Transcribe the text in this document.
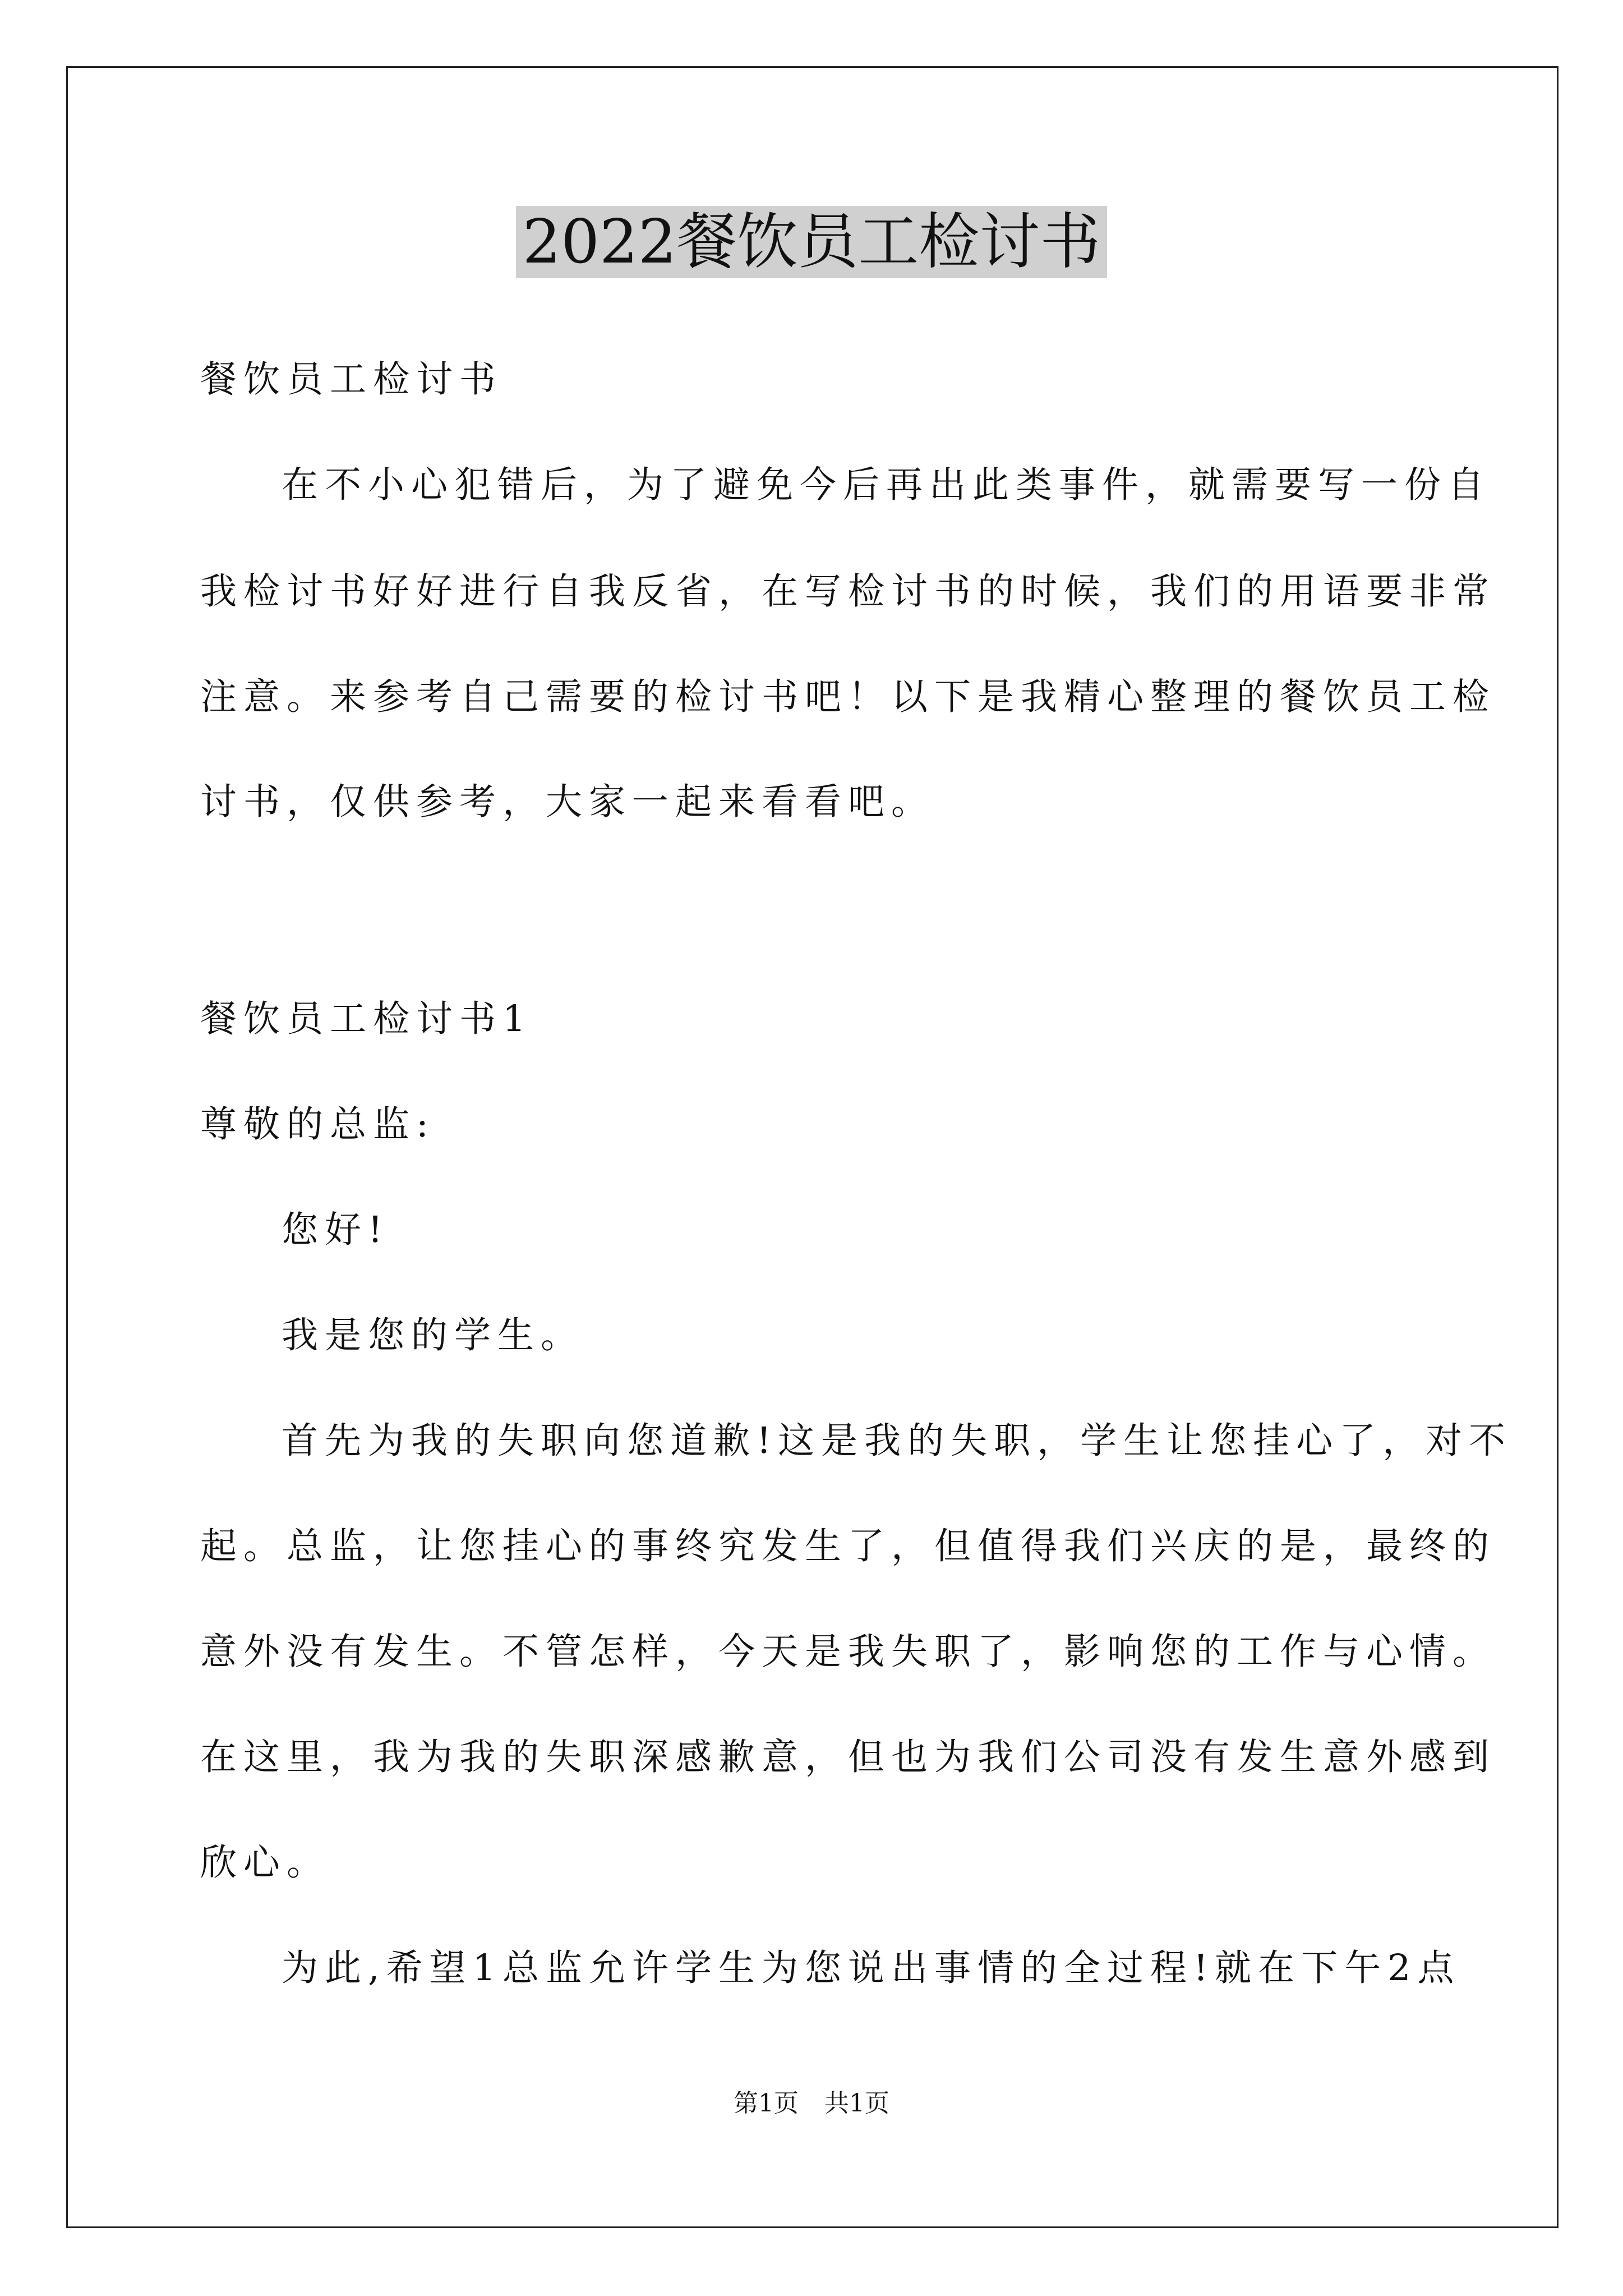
2022餐饮员工检讨书
餐饮员工检讨书
在不小心犯错后，为了避免今后再出此类事件，就需要写一份自
我检讨书好好进行自我反省，在写检讨书的时候，我们的用语要非常
注意。来参考自己需要的检讨书吧！以下是我精心整理的餐饮员工检
讨书，仅供参考，大家一起来看看吧。
餐饮员工检讨书1
尊敬的总监:
您好!
我是您的学生。
首先为我的失职向您道歉!这是我的失职，学生让您挂心了，对不
起。总监，让您挂心的事终究发生了，但值得我们兴庆的是，最终的
意外没有发生。不管怎样，今天是我失职了，影响您的工作与心情。
在这里，我为我的失职深感歉意，但也为我们公司没有发生意外感到
欣心。
为此,希望1总监允许学生为您说出事情的全过程!就在下午2点
第1页 共1页
